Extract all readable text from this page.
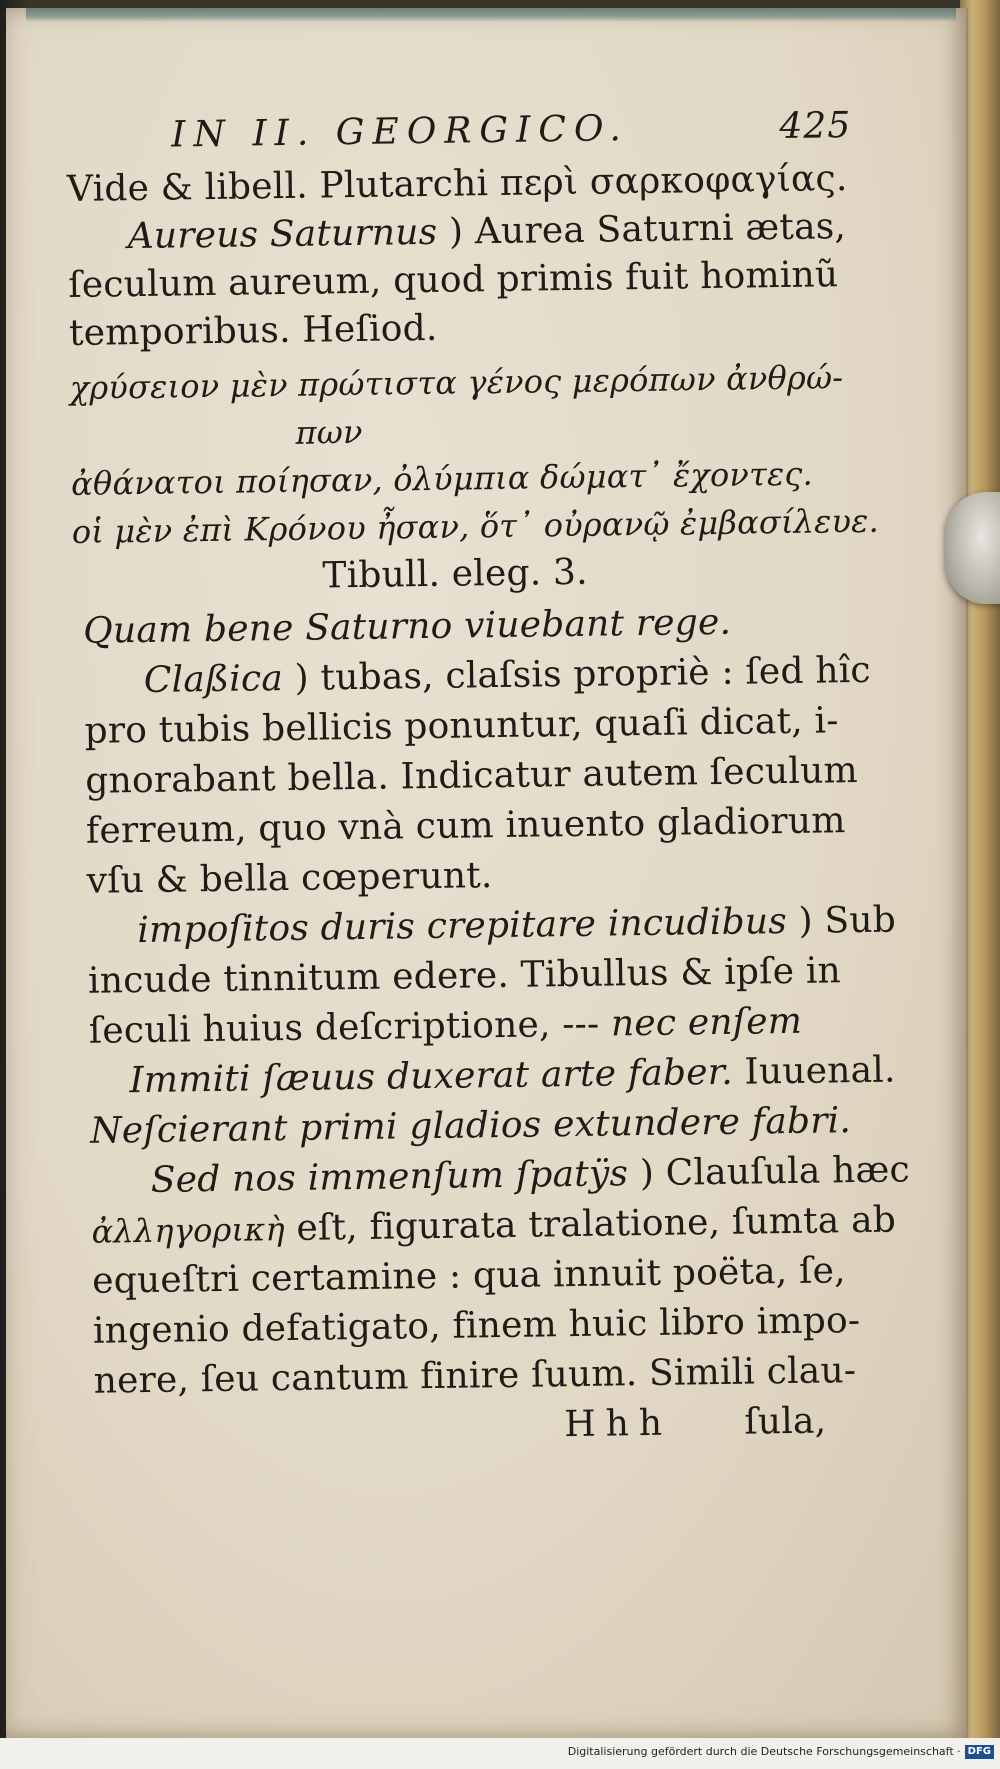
IN II. GEORGICO.	425
Vide & libell. Plutarchi περὶ σαρκοφαγίας.
Aureus Saturnus ) Aurea Saturni ætas,
ſeculum aureum, quod primis fuit hominũ
temporibus. Heſiod.
χρύσειον μὲν πρώτιστα γένος μερόπων ἀνθρώ-
πων
ἀθάνατοι ποίησαν, ὀλύμπια δώματ᾽ ἔχοντες.
οἱ μὲν ἐπὶ Κρόνου ἦσαν, ὅτ᾽ οὐρανῷ ἐμβασίλευε.
Tibull. eleg. 3.
Quam bene Saturno viuebant rege.
Claßica ) tubas, claſsis propriè : ſed hîc
pro tubis bellicis ponuntur, quaſi dicat, i-
gnorabant bella. Indicatur autem ſeculum
ferreum, quo vnà cum inuento gladiorum
vſu & bella cœperunt.
impoſitos duris crepitare incudibus ) Sub
incude tinnitum edere. Tibullus & ipſe in
ſeculi huius deſcriptione, --- nec enſem
Immiti ſæuus duxerat arte faber. Iuuenal.
Neſcierant primi gladios extundere fabri.
Sed nos immenſum ſpatÿs ) Clauſula hæc
ἀλληγορικὴ eſt, figurata tralatione, ſumta ab
equeſtri certamine : qua innuit poëta, ſe,
ingenio defatigato, finem huic libro impo-
nere, ſeu cantum finire ſuum. Simili clau-
Hhh ſula,
Digitalisierung gefördert durch die Deutsche Forschungsgemeinschaft · DFG
